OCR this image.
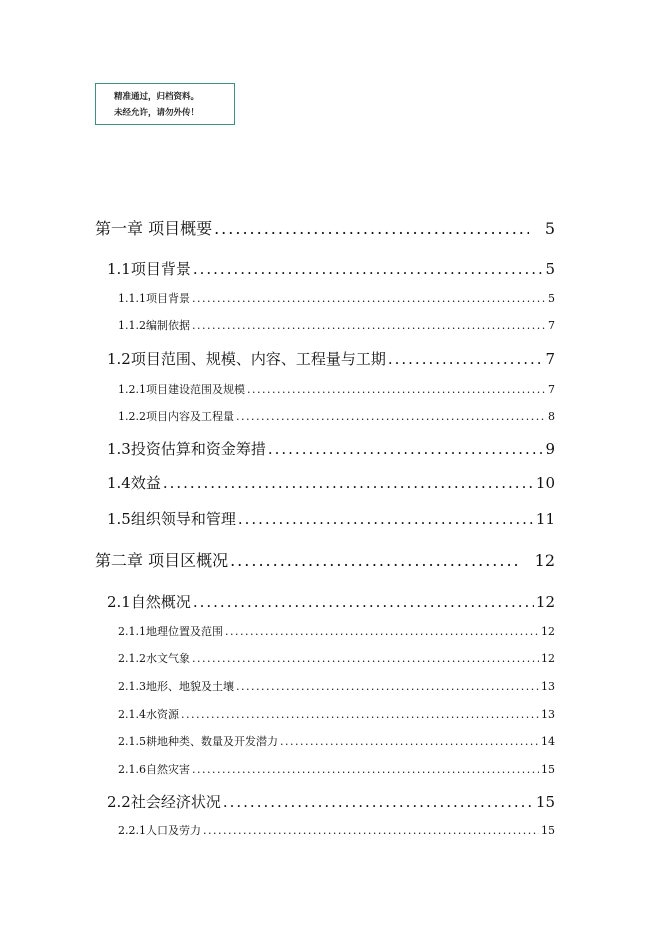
精准通过，归档资料。
未经允许，请勿外传！
第一章 项目概要 .....	5
1.1项目背景 .....	5
1.1.1项目背景 .....	5
1.1.2编制依据 .....	7
1.2项目范围、规模、内容、工程量与工期 .....	7
1.2.1项目建设范围及规模 .....	7
1.2.2项目内容及工程量 .....	8
1.3投资估算和资金筹措 .....	9
1.4效益 .....	10
1.5组织领导和管理 .....	11
第二章 项目区概况 .....	12
2.1自然概况 .....	12
2.1.1地理位置及范围 .....	12
2.1.2水文气象 .....	12
2.1.3地形、地貌及土壤 .....	13
2.1.4水资源 .....	13
2.1.5耕地种类、数量及开发潜力 .....	14
2.1.6自然灾害 .....	15
2.2社会经济状况 .....	15
2.2.1人口及劳力 .....	15
